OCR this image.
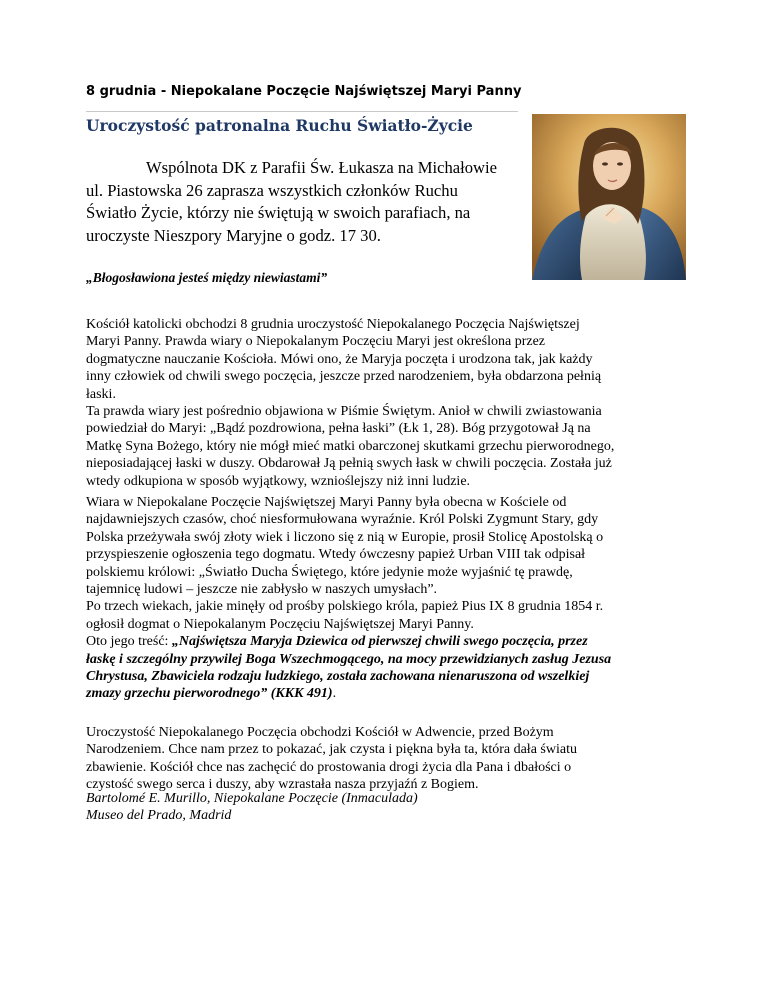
8 grudnia - Niepokalane Poczęcie Najświętszej Maryi Panny
Uroczystość patronalna Ruchu Światło-Życie

Wspólnota DK z Parafii Św. Łukasza na Michałowie

ul. Piastowska 26 zaprasza wszystkich członków Ruchu

Światło Życie, którzy nie świętują w swoich parafiach, na

uroczyste Nieszpory Maryjne o godz. 17 30.

„Błogosławiona jesteś między niewiastami”

Kościół katolicki obchodzi 8 grudnia uroczystość Niepokalanego Poczęcia Najświętszej

Maryi Panny. Prawda wiary o Niepokalanym Poczęciu Maryi jest określona przez

dogmatyczne nauczanie Kościoła. Mówi ono, że Maryja poczęta i urodzona tak, jak każdy

inny człowiek od chwili swego poczęcia, jeszcze przed narodzeniem, była obdarzona pełnią

łaski.

Ta prawda wiary jest pośrednio objawiona w Piśmie Świętym. Anioł w chwili zwiastowania

powiedział do Maryi: „Bądź pozdrowiona, pełna łaski” (Łk 1, 28). Bóg przygotował Ją na

Matkę Syna Bożego, który nie mógł mieć matki obarczonej skutkami grzechu pierworodnego,

nieposiadającej łaski w duszy. Obdarował Ją pełnią swych łask w chwili poczęcia. Została już

wtedy odkupiona w sposób wyjątkowy, wznioślejszy niż inni ludzie.

Wiara w Niepokalane Poczęcie Najświętszej Maryi Panny była obecna w Kościele od

najdawniejszych czasów, choć niesformułowana wyraźnie. Król Polski Zygmunt Stary, gdy

Polska przeżywała swój złoty wiek i liczono się z nią w Europie, prosił Stolicę Apostolską o

przyspieszenie ogłoszenia tego dogmatu. Wtedy ówczesny papież Urban VIII tak odpisał

polskiemu królowi: „Światło Ducha Świętego, które jedynie może wyjaśnić tę prawdę,

tajemnicę ludowi – jeszcze nie zabłysło w naszych umysłach”.

Po trzech wiekach, jakie minęły od prośby polskiego króla, papież Pius IX 8 grudnia 1854 r.

ogłosił dogmat o Niepokalanym Poczęciu Najświętszej Maryi Panny.

Oto jego treść: „Najświętsza Maryja Dziewica od pierwszej chwili swego poczęcia, przez

łaskę i szczególny przywilej Boga Wszechmogącego, na mocy przewidzianych zasług Jezusa

Chrystusa, Zbawiciela rodzaju ludzkiego, została zachowana nienaruszona od wszelkiej

zmazy grzechu pierworodnego” (KKK 491).

Uroczystość Niepokalanego Poczęcia obchodzi Kościół w Adwencie, przed Bożym

Narodzeniem. Chce nam przez to pokazać, jak czysta i piękna była ta, która dała światu

zbawienie. Kościół chce nas zachęcić do prostowania drogi życia dla Pana i dbałości o

czystość swego serca i duszy, aby wzrastała nasza przyjaźń z Bogiem.

Bartolomé E. Murillo, Niepokalane Poczęcie (Inmaculada)

Museo del Prado, Madrid
